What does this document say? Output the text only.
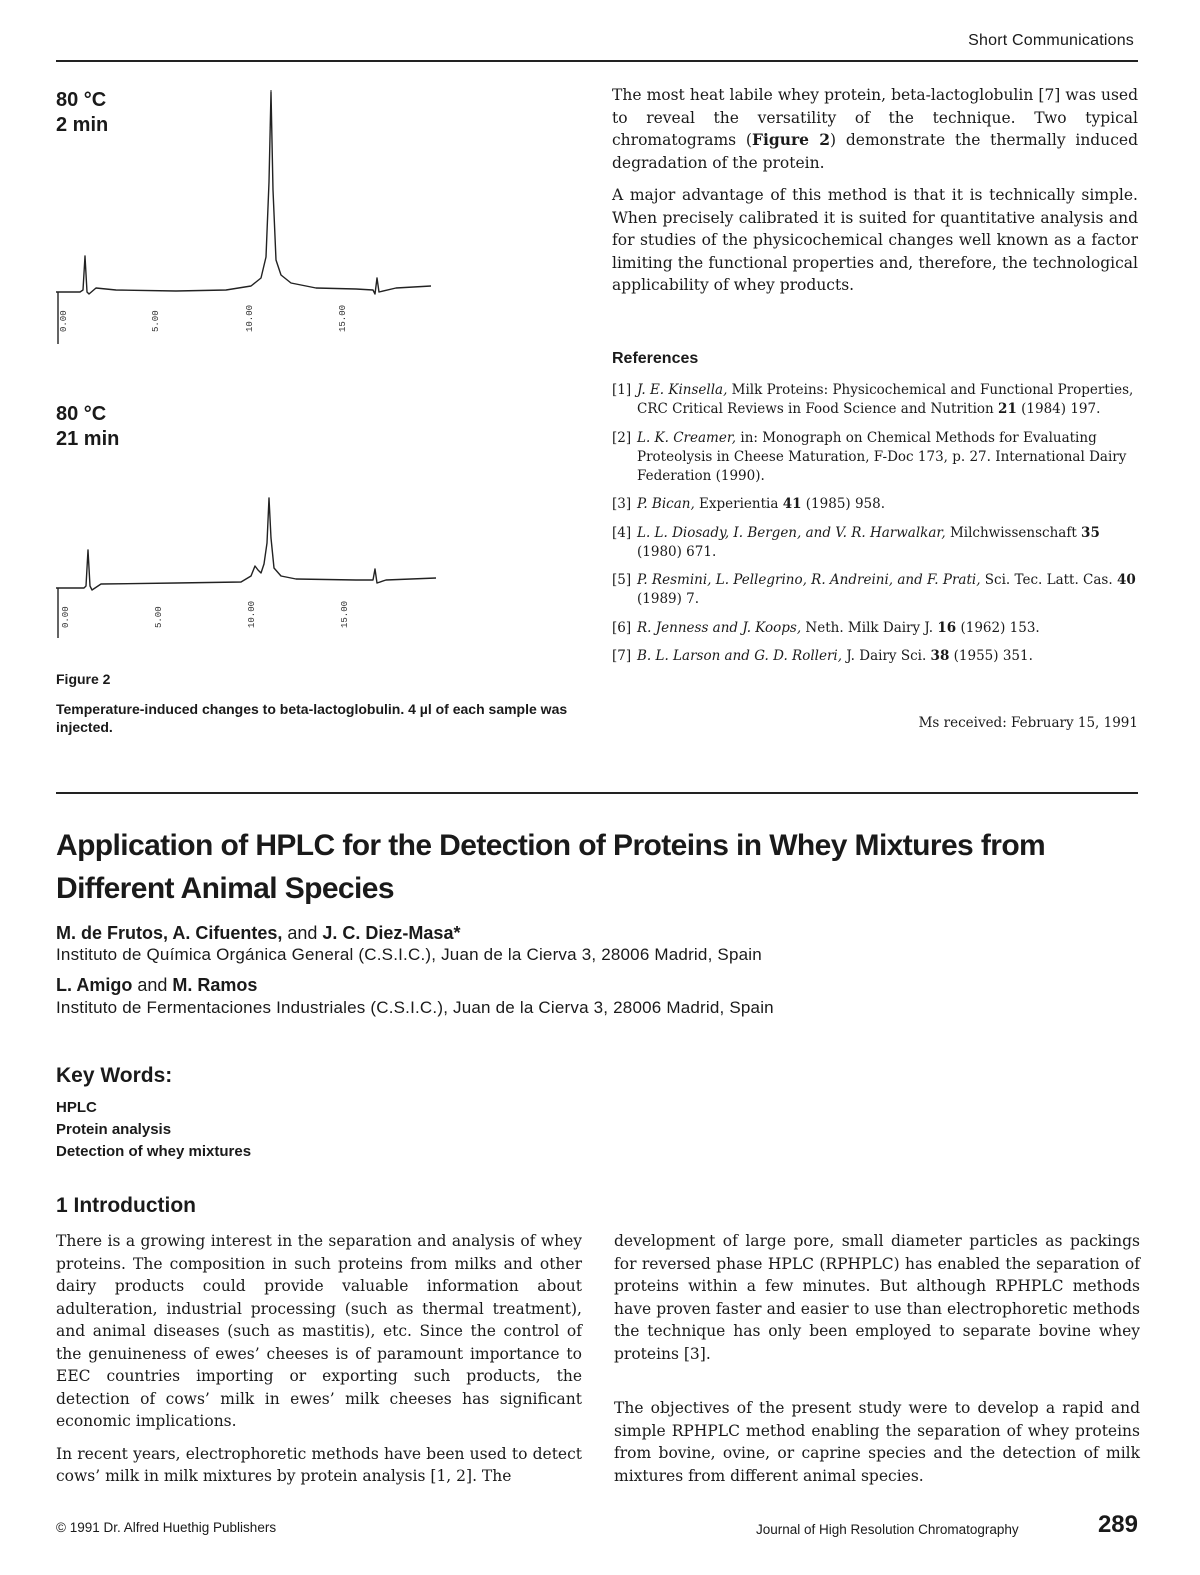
Short Communications
80 °C
2 min
0.00	5.00	10.00	15.00
80 °C
21 min
0.00	5.00	10.00	15.00
Figure 2
Temperature-induced changes to beta-lactoglobulin. 4 µl of each sample was injected.

The most heat labile whey protein, beta-lactoglobulin [7] was used to reveal the versatility of the technique. Two typical chromatograms (Figure 2) demonstrate the thermally induced degradation of the protein.

A major advantage of this method is that it is technically simple. When precisely calibrated it is suited for quantitative analysis and for studies of the physicochemical changes well known as a factor limiting the functional properties and, therefore, the technological applicability of whey products.

References
[1] J. E. Kinsella, Milk Proteins: Physicochemical and Functional Properties, CRC Critical Reviews in Food Science and Nutrition 21 (1984) 197.
[2] L. K. Creamer, in: Monograph on Chemical Methods for Evaluating Proteolysis in Cheese Maturation, F-Doc 173, p. 27. International Dairy Federation (1990).
[3] P. Bican, Experientia 41 (1985) 958.
[4] L. L. Diosady, I. Bergen, and V. R. Harwalkar, Milchwissenschaft 35 (1980) 671.
[5] P. Resmini, L. Pellegrino, R. Andreini, and F. Prati, Sci. Tec. Latt. Cas. 40 (1989) 7.
[6] R. Jenness and J. Koops, Neth. Milk Dairy J. 16 (1962) 153.
[7] B. L. Larson and G. D. Rolleri, J. Dairy Sci. 38 (1955) 351.
Ms received: February 15, 1991
Application of HPLC for the Detection of Proteins in Whey Mixtures from Different Animal Species
M. de Frutos, A. Cifuentes, and J. C. Diez-Masa*
Instituto de Química Orgánica General (C.S.I.C.), Juan de la Cierva 3, 28006 Madrid, Spain
L. Amigo and M. Ramos
Instituto de Fermentaciones Industriales (C.S.I.C.), Juan de la Cierva 3, 28006 Madrid, Spain
Key Words:
HPLC
Protein analysis
Detection of whey mixtures
1 Introduction

There is a growing interest in the separation and analysis of whey proteins. The composition in such proteins from milks and other dairy products could provide valuable information about adulteration, industrial processing (such as thermal treatment), and animal diseases (such as mastitis), etc. Since the control of the genuineness of ewes’ cheeses is of paramount importance to EEC countries importing or exporting such products, the detection of cows’ milk in ewes’ milk cheeses has significant economic implications.

In recent years, electrophoretic methods have been used to detect cows’ milk in milk mixtures by protein analysis [1, 2]. The

development of large pore, small diameter particles as packings for reversed phase HPLC (RPHPLC) has enabled the separation of proteins within a few minutes. But although RPHPLC methods have proven faster and easier to use than electrophoretic methods the technique has only been employed to separate bovine whey proteins [3].

The objectives of the present study were to develop a rapid and simple RPHPLC method enabling the separation of whey proteins from bovine, ovine, or caprine species and the detection of milk mixtures from different animal species.

© 1991 Dr. Alfred Huethig Publishers	Journal of High Resolution Chromatography	289
